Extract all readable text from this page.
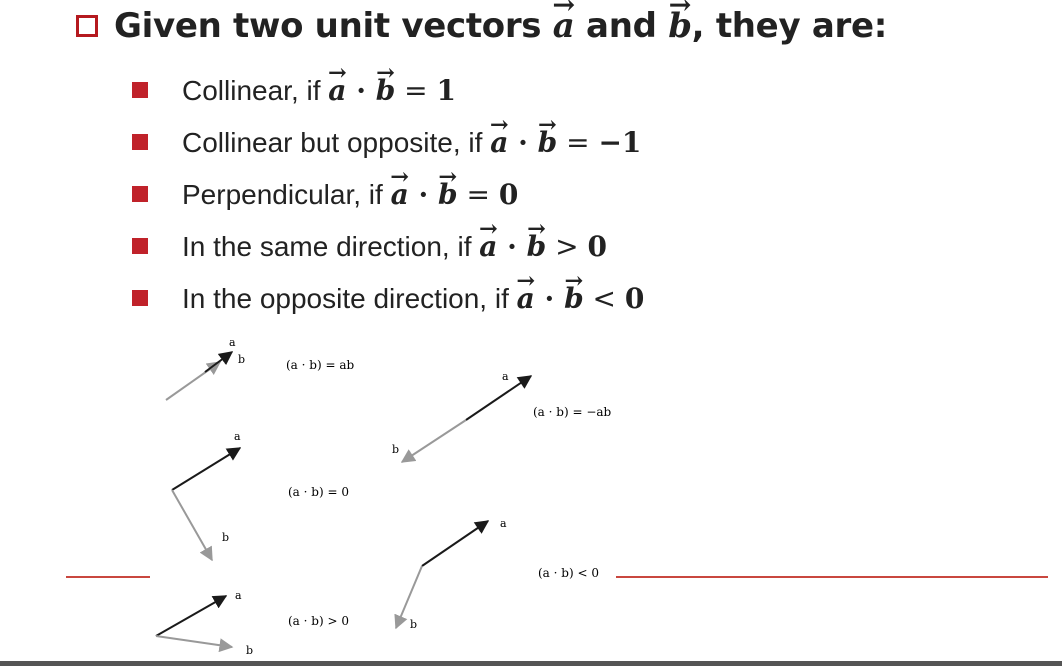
Given two unit vectors → a and → b, they are:
Collinear, if → a · → b = 1
Collinear but opposite, if → a · → b = −1
Perpendicular, if → a · → b = 0
In the same direction, if → a · → b > 0
In the opposite direction, if → a · → b < 0
a
b	(a · b) = ab
a
b
(a · b) = −ab
a
b
(a · b) = 0
a
b
(a · b) < 0
a
b
(a · b) > 0
